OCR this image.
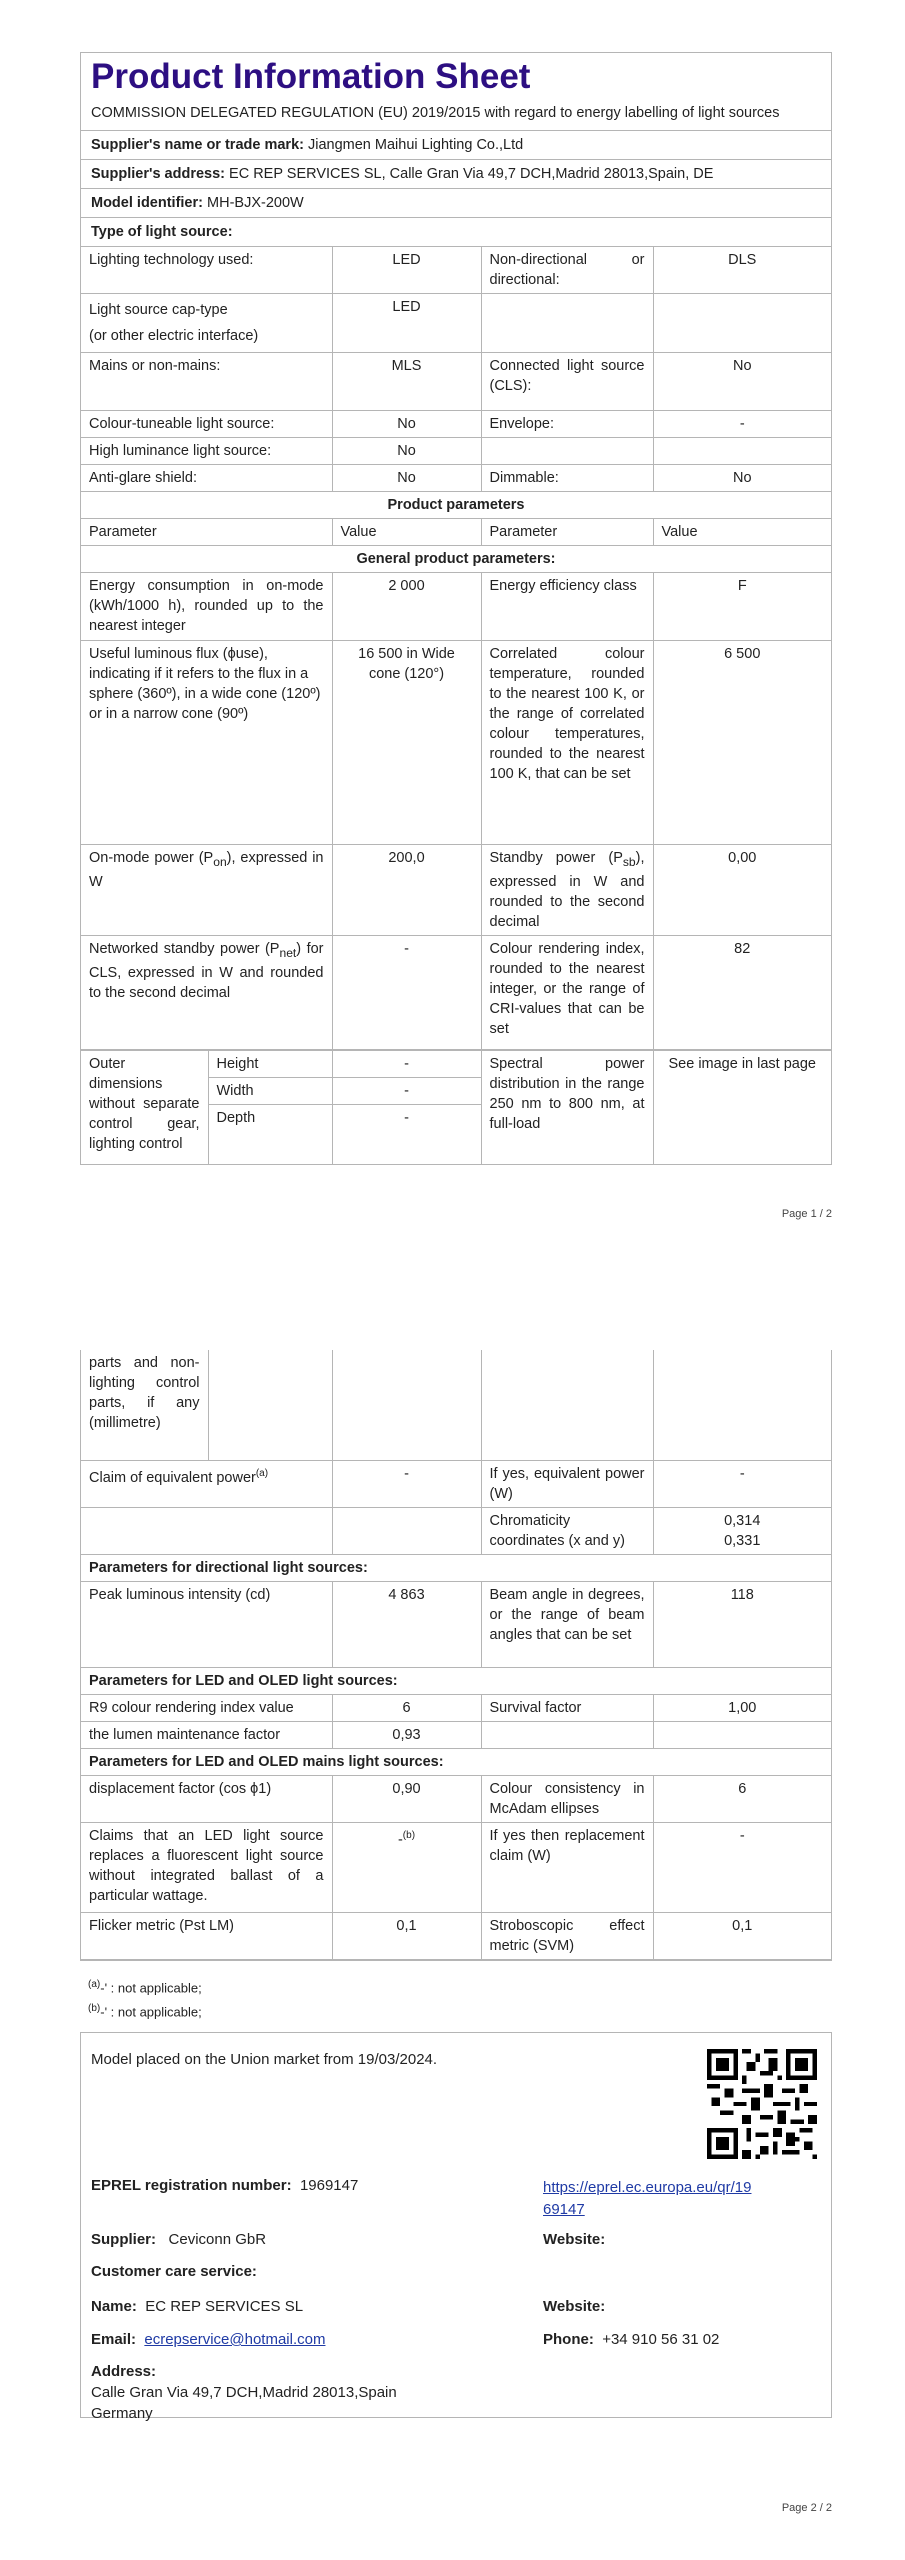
Product Information Sheet
COMMISSION DELEGATED REGULATION (EU) 2019/2015 with regard to energy labelling of light sources
Supplier's name or trade mark: Jiangmen Maihui Lighting Co.,Ltd
Supplier's address: EC REP SERVICES SL, Calle Gran Via 49,7 DCH,Madrid 28013,Spain, DE
Model identifier: MH-BJX-200W
Type of light source:
Lighting technology used:	LED	Non-directional or directional:	DLS
Light source cap-type
(or other electric interface)	LED		
Mains or non-mains:	MLS	Connected light source (CLS):	No
Colour-tuneable light source:	No	Envelope:	-
High luminance light source:	No		
Anti-glare shield:	No	Dimmable:	No
Product parameters			
Parameter	Value	Parameter	Value
General product parameters:			
Energy consumption in on-mode (kWh/1000 h), rounded up to the nearest integer	2 000	Energy efficiency class	F
Useful luminous flux (ϕuse), indicating if it refers to the flux in a sphere (360º), in a wide cone (120º) or in a narrow cone (90º)	16 500 in Wide cone (120°)	Correlated colour temperature, rounded to the nearest 100 K, or the range of correlated colour temperatures, rounded to the nearest 100 K, that can be set	6 500
On-mode power $(P_{on})$, expressed in W	200,0	Standby power $(P_{sb})$, expressed in W and rounded to the second decimal	0,00
Networked standby power $(P_{net})$ for CLS, expressed in W and rounded to the second decimal	-	Colour rendering index, rounded to the nearest integer, or the range of CRI-values that can be set	82
Outer dimensions without separate control gear, lighting control	Height	-	Spectral power distribution in the range 250 nm to 800 nm, at full-load	See image in last page
	Width	-		
	Depth	-		
Page 1 / 2
parts and non-lighting control parts, if any (millimetre)				
Claim of equivalent power$^{(a)}$	-	If yes, equivalent power (W)	-
		Chromaticity coordinates (x and y)	0,314
0,331

Parameters for directional light sources:			
Peak luminous intensity (cd)	4 863	Beam angle in degrees, or the range of beam angles that can be set	118
Parameters for LED and OLED light sources:			
R9 colour rendering index value	6	Survival factor	1,00
the lumen maintenance factor	0,93		
Parameters for LED and OLED mains light sources:			
displacement factor (cos ϕ1)	0,90	Colour consistency in McAdam ellipses	6
Claims that an LED light source replaces a fluorescent light source without integrated ballast of a particular wattage.	-$^{(b)}$	If yes then replacement claim (W)	-
Flicker metric (Pst LM)	0,1	Stroboscopic effect metric (SVM)	0,1
$^{(a)}$-' : not applicable;
$^{(b)}$-' : not applicable;
Model placed on the Union market from 19/03/2024.
EPREL registration number: 1969147	https://eprel.ec.europa.eu/qr/19
69147
Supplier: Ceviconn GbR	Website:
Customer care service:
Name: EC REP SERVICES SL	Website:
Email: ecrepservice@hotmail.com	Phone: +34 910 56 31 02
Address:
Calle Gran Via 49,7 DCH,Madrid 28013,Spain
Germany
Page 2 / 2
